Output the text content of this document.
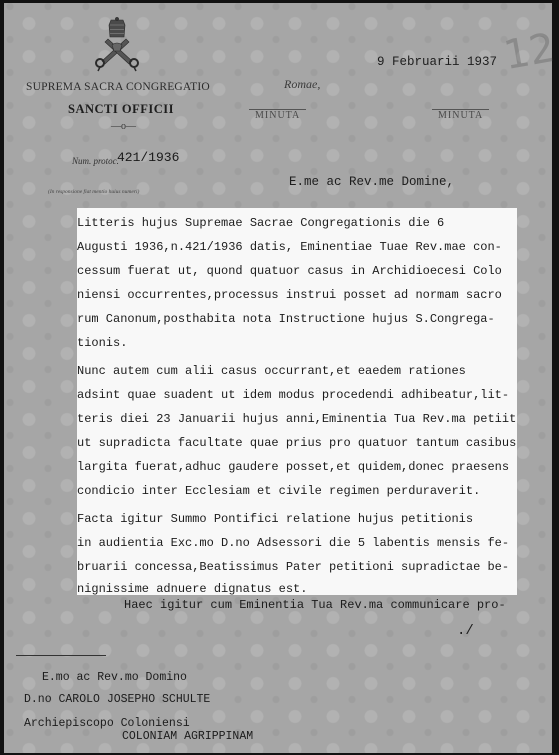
SUPREMA SACRA CONGREGATIO
SANCTI OFFICII
—o—
Num. protoc.
421/1936
(In responsione fiat mentio huius numeri)
9 Februarii 1937
Romae,
MINUTA	MINUTA
12
E.me ac Rev.me Domine,
Litteris hujus Supremae Sacrae Congregationis die 6
Augusti 1936,n.421/1936 datis, Eminentiae Tuae Rev.mae con-
cessum fuerat ut, quond quatuor casus in Archidioecesi Colo
niensi occurrentes,processus instrui posset ad normam sacro
rum Canonum,posthabita nota Instructione hujus S.Congrega-
tionis.
Nunc autem cum alii casus occurrant,et eaedem rationes
adsint quae suadent ut idem modus procedendi adhibeatur,lit-
teris diei 23 Januarii hujus anni,Eminentia Tua Rev.ma petiit
ut supradicta facultate quae prius pro quatuor tantum casibus
largita fuerat,adhuc gaudere posset,et quidem,donec praesens
condicio inter Ecclesiam et civile regimen perduraverit.
Facta igitur Summo Pontifici relatione hujus petitionis
in audientia Exc.mo D.no Adsessori die 5 labentis mensis fe-
bruarii concessa,Beatissimus Pater petitioni supradictae be-
nignissime adnuere dignatus est.
Haec igitur cum Eminentia Tua Rev.ma communicare pro-
./
E.mo ac Rev.mo Domino
D.no CAROLO JOSEPHO SCHULTE
Archiepiscopo Coloniensi
COLONIAM AGRIPPINAM
